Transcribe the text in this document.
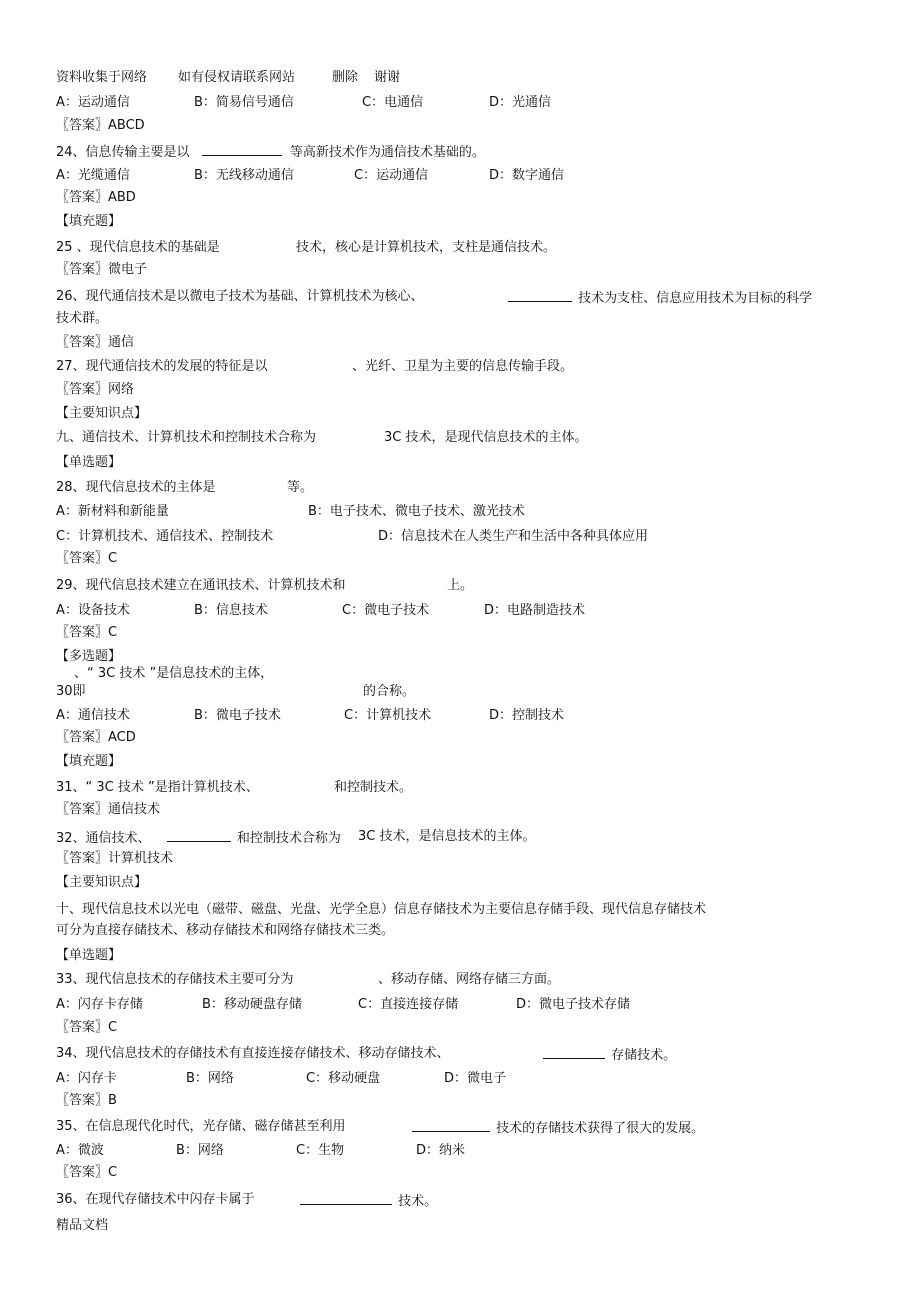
资料收集于网络 如有侵权请联系网站	删除 谢谢
A：运动通信	B：简易信号通信	C：电通信	D：光通信
〖答案〗ABCD
24、信息传输主要是以	等高新技术作为通信技术基础的。
A：光缆通信	B：无线移动通信	C：运动通信	D：数字通信
〖答案〗ABD
【填充题】
25 、现代信息技术的基础是	技术，核心是计算机技术，支柱是通信技术。
〖答案〗微电子
26、现代通信技术是以微电子技术为基础、计算机技术为核心、	技术为支柱、信息应用技术为目标的科学
技术群。
〖答案〗通信
27、现代通信技术的发展的特征是以	、光纤、卫星为主要的信息传输手段。
〖答案〗网络
【主要知识点】
九、通信技术、计算机技术和控制技术合称为	3C 技术，是现代信息技术的主体。
【单选题】
28、现代信息技术的主体是	等。
A：新材料和新能量	B：电子技术、微电子技术、激光技术
C：计算机技术、通信技术、控制技术	D：信息技术在人类生产和生活中各种具体应用
〖答案〗C
29、现代信息技术建立在通讯技术、计算机技术和	上。
A：设备技术	B：信息技术	C：微电子技术	D：电路制造技术
〖答案〗C
【多选题】
、“ 3C 技术 ”是信息技术的主体，
30即	的合称。
A：通信技术	B：微电子技术	C：计算机技术	D：控制技术
〖答案〗ACD
【填充题】
31、“ 3C 技术 ”是指计算机技术、	和控制技术。
〖答案〗通信技术
32、通信技术、	和控制技术合称为 3C 技术，是信息技术的主体。
〖答案〗计算机技术
【主要知识点】
十、现代信息技术以光电（磁带、磁盘、光盘、光学全息）信息存储技术为主要信息存储手段、现代信息存储技术
可分为直接存储技术、移动存储技术和网络存储技术三类。
【单选题】
33、现代信息技术的存储技术主要可分为	、移动存储、网络存储三方面。
A：闪存卡存储	B：移动硬盘存储	C：直接连接存储	D：微电子技术存储
〖答案〗C
34、现代信息技术的存储技术有直接连接存储技术、移动存储技术、	存储技术。
A：闪存卡	B：网络	C：移动硬盘	D：微电子
〖答案〗B
35、在信息现代化时代，光存储、磁存储甚至利用	技术的存储技术获得了很大的发展。
A：微波	B：网络	C：生物	D：纳米
〖答案〗C
36、在现代存储技术中闪存卡属于	技术。
精品文档
